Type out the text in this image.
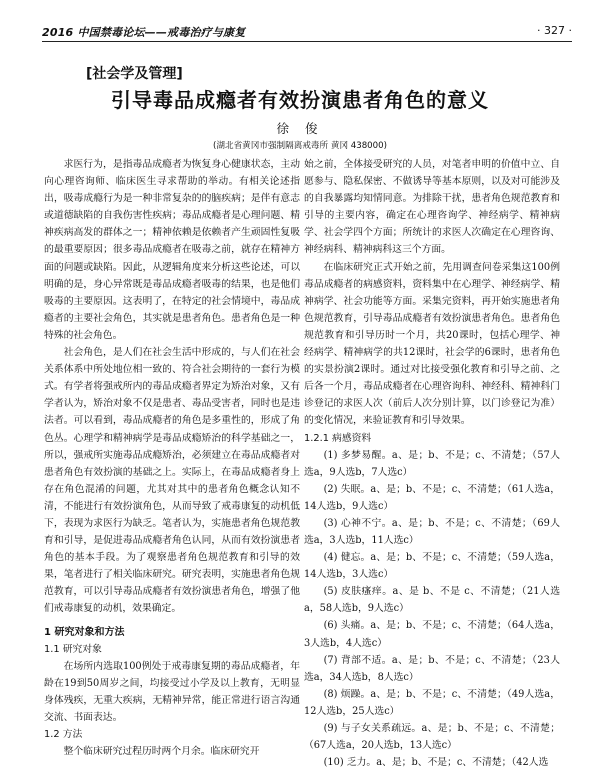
2016 中国禁毒论坛——戒毒治疗与康复	· 327 ·
[社会学及管理]
引导毒品成瘾者有效扮演患者角色的意义
徐 俊
(湖北省黄冈市强制隔离戒毒所 黄冈 438000)

求医行为，是指毒品成瘾者为恢复身心健康状态，主动向心理咨询师、临床医生寻求帮助的举动。有相关论述指出，吸毒成瘾行为是一种非常复杂的的脑疾病；是伴有意志或道德缺陷的自我伤害性疾病；毒品成瘾者是心理问题、精神疾病高发的群体之一；精神依赖是依赖者产生顽固性复吸的最重要原因；很多毒品成瘾者在吸毒之前，就存在精神方面的问题或缺陷。因此，从逻辑角度来分析这些论述，可以明确的是，身心异常既是毒品成瘾者吸毒的结果，也是他们吸毒的主要原因。这表明了，在特定的社会情境中，毒品成瘾者的主要社会角色，其实就是患者角色。患者角色是一种特殊的社会角色。

社会角色，是人们在社会生活中形成的，与人们在社会关系体系中所处地位相一致的、符合社会期待的一套行为模式。有学者将强戒所内的毒品成瘾者界定为矫治对象，又有学者认为，矫治对象不仅是患者、毒品受害者，同时也是违法者。可以看到，毒品成瘾者的角色是多重性的，形成了角色丛。心理学和精神病学是毒品成瘾矫治的科学基础之一，所以，强戒所实施毒品成瘾矫治，必须建立在毒品成瘾者对患者角色有效扮演的基础之上。实际上，在毒品成瘾者身上存在角色混淆的问题，尤其对其中的患者角色概念认知不清，不能进行有效扮演角色，从而导致了戒毒康复的动机低下，表现为求医行为缺乏。笔者认为，实施患者角色规范教育和引导，是促进毒品成瘾者角色认同，从而有效扮演患者角色的基本手段。为了观察患者角色规范教育和引导的效果，笔者进行了相关临床研究。研究表明，实施患者角色规范教育，可以引导毒品成瘾者有效扮演患者角色，增强了他们戒毒康复的动机，效果确定。

1 研究对象和方法
1.1 研究对象

在场所内选取100例处于戒毒康复期的毒品成瘾者，年龄在19到50周岁之间，均接受过小学及以上教育，无明显身体残疾，无重大疾病，无精神异常，能正常进行语言沟通交流、书面表达。

1.2 方法

整个临床研究过程历时两个月余。临床研究开

始之前，全体接受研究的人员，对笔者申明的价值中立、自愿参与、隐私保密、不做诱导等基本原则，以及对可能涉及的自我暴露均知情同意。为排除干扰，患者角色规范教育和引导的主要内容，确定在心理咨询学、神经病学、精神病学、社会学四个方面；所统计的求医人次确定在心理咨询、神经病科、精神病科这三个方面。

在临床研究正式开始之前，先用调查问卷采集这100例毒品成瘾者的病感资料，资料集中在心理学、神经病学、精神病学、社会功能等方面。采集完资料，再开始实施患者角色规范教育，引导毒品成瘾者有效扮演患者角色。患者角色规范教育和引导历时一个月，共20课时，包括心理学、神经病学、精神病学的共12课时，社会学的6课时，患者角色的实景扮演2课时。通过对比接受强化教育和引导之前、之后各一个月，毒品成瘾者在心理咨询科、神经科、精神科门诊登记的求医人次（前后人次分别计算，以门诊登记为准）的变化情况，来验证教育和引导效果。

1.2.1 病感资料
(1) 多梦易醒。a、是；b、不是；c、不清楚；（57人选a，9人选b，7人选c）
(2) 失眠。a、是；b、不是；c、不清楚；（61人选a，14人选b，9人选c）
(3) 心神不宁。a、是；b、不是；c、不清楚；（69人选a，3人选b，11人选c）
(4) 健忘。a、是；b、不是；c、不清楚；（59人选a，14人选b，3人选c）
(5) 皮肤瘙痒。a、是 b、不是 c、不清楚；（21人选a，58人选b，9人选c）
(6) 头痛。a、是；b、不是；c、不清楚；（64人选a，3人选b，4人选c）
(7) 背部不适。a、是；b、不是；c、不清楚；（23人选a，34人选b，8人选c）
(8) 烦躁。a、是；b、不是；c、不清楚；（49人选a，12人选b，25人选c）
(9) 与子女关系疏远。a、是；b、不是；c、不清楚；（67人选a，20人选b，13人选c）
(10) 乏力。a、是；b、不是；c、不清楚；（42人选
